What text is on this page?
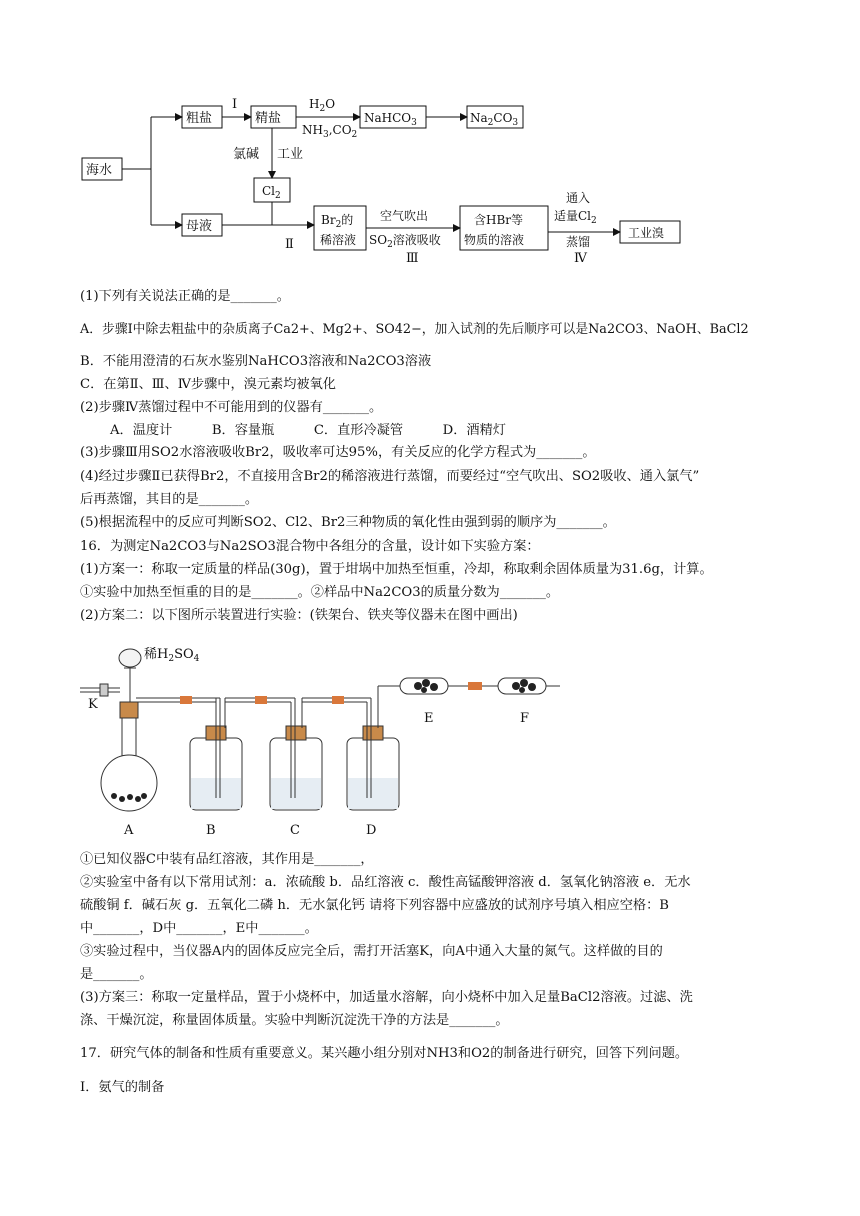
海水
粗盐	精盐
Ⅰ	$H_2O$
$NH_3,CO_2$
NaHCO$_3$	$Na_2CO_3$
氯碱 工业
$Cl_2$
母液
Ⅱ
$Br_2$的
稀溶液
空气吹出
$SO_2$溶液吸收
Ⅲ
含HBr等
物质的溶液
通入
适量$Cl_2$
蒸馏
Ⅳ
工业溴
(1)下列有关说法正确的是_______。
A．步骤Ⅰ中除去粗盐中的杂质离子Ca2+、Mg2+、SO42−，加入试剂的先后顺序可以是Na2CO3、NaOH、BaCl2
B．不能用澄清的石灰水鉴别NaHCO3溶液和Na2CO3溶液
C．在第Ⅱ、Ⅲ、Ⅳ步骤中，溴元素均被氧化
(2)步骤Ⅳ蒸馏过程中不可能用到的仪器有_______。
A．温度计　　　B．容量瓶　　　C．直形冷凝管　　　D．酒精灯
(3)步骤Ⅲ用SO2水溶液吸收Br2，吸收率可达95%，有关反应的化学方程式为_______。
(4)经过步骤Ⅱ已获得Br2，不直接用含Br2的稀溶液进行蒸馏，而要经过“空气吹出、SO2吸收、通入氯气”
后再蒸馏，其目的是_______。
(5)根据流程中的反应可判断SO2、Cl2、Br2三种物质的氧化性由强到弱的顺序为_______。
16．为测定Na2CO3与Na2SO3混合物中各组分的含量，设计如下实验方案：
(1)方案一：称取一定质量的样品(30g)，置于坩埚中加热至恒重，冷却，称取剩余固体质量为31.6g，计算。
①实验中加热至恒重的目的是_______。②样品中Na2CO3的质量分数为_______。
(2)方案二：以下图所示装置进行实验：(铁架台、铁夹等仪器未在图中画出)
稀$H_2SO_4$
K
A	B	C	D
E	F
①已知仪器C中装有品红溶液，其作用是_______，
②实验室中备有以下常用试剂：a．浓硫酸 b．品红溶液 c．酸性高锰酸钾溶液 d．氢氧化钠溶液 e．无水
硫酸铜 f．碱石灰 g．五氧化二磷 h．无水氯化钙 请将下列容器中应盛放的试剂序号填入相应空格：B
中_______，D中_______，E中_______。
③实验过程中，当仪器A内的固体反应完全后，需打开活塞K，向A中通入大量的氮气。这样做的目的
是_______。
(3)方案三：称取一定量样品，置于小烧杯中，加适量水溶解，向小烧杯中加入足量BaCl2溶液。过滤、洗
涤、干燥沉淀，称量固体质量。实验中判断沉淀洗干净的方法是_______。
17．研究气体的制备和性质有重要意义。某兴趣小组分别对NH3和O2的制备进行研究，回答下列问题。
Ⅰ．氨气的制备
